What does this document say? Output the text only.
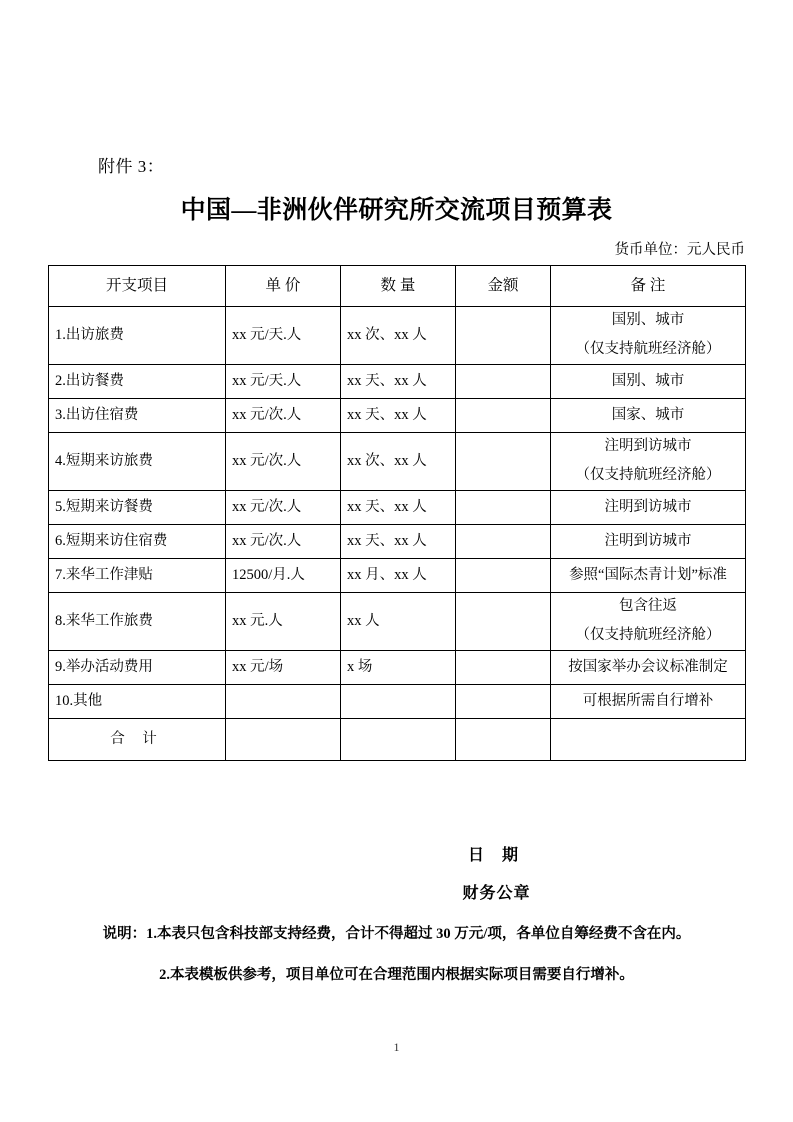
附件 3：
中国—非洲伙伴研究所交流项目预算表
货币单位：元人民币
开支项目	单 价	数 量	金额	备 注
1.出访旅费	xx 元/天.人	xx 次、xx 人		国别、城市
（仅支持航班经济舱）

2.出访餐费	xx 元/天.人	xx 天、xx 人		国别、城市

3.出访住宿费	xx 元/次.人	xx 天、xx 人		国家、城市

4.短期来访旅费	xx 元/次.人	xx 次、xx 人		注明到访城市
（仅支持航班经济舱）

5.短期来访餐费	xx 元/次.人	xx 天、xx 人		注明到访城市

6.短期来访住宿费	xx 元/次.人	xx 天、xx 人		注明到访城市

7.来华工作津贴	12500/月.人	xx 月、xx 人		参照“国际杰青计划”标准

8.来华工作旅费	xx 元.人	xx 人		包含往返
（仅支持航班经济舱）

9.举办活动费用	xx 元/场	x 场		按国家举办会议标准制定

10.其他				可根据所需自行增补

合 计				
日 期
财务公章
说明：1.本表只包含科技部支持经费，合计不得超过 30 万元/项，各单位自筹经费不含在内。
2.本表模板供参考，项目单位可在合理范围内根据实际项目需要自行增补。
1
